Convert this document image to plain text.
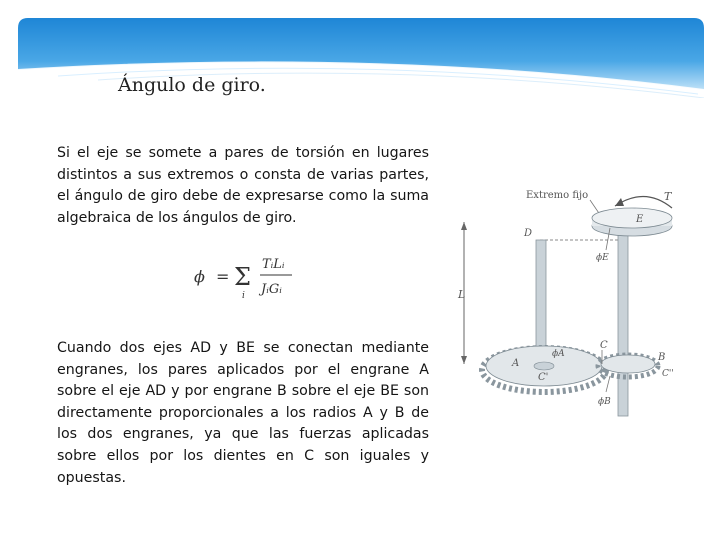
Ángulo de giro.

Si el eje se somete a pares de torsión en lugares distintos a sus extremos o consta de varias partes, el ángulo de giro debe de expresarse como la suma algebraica de los ángulos de giro.

ϕ = Σ
i
TᵢLᵢ
JᵢGᵢ

Cuando dos ejes AD y BE se conectan mediante engranes, los pares aplicados por el engrane A sobre el eje AD y por engrane B sobre el eje BE son directamente proporcionales a los radios A y B de los dos engranes, ya que las fuerzas aplicadas sobre ellos por los dientes en C son iguales y opuestas.

L
D
Extremo fijo
E
T
ϕE
A
ϕA
C'
B
C''
C
ϕB
